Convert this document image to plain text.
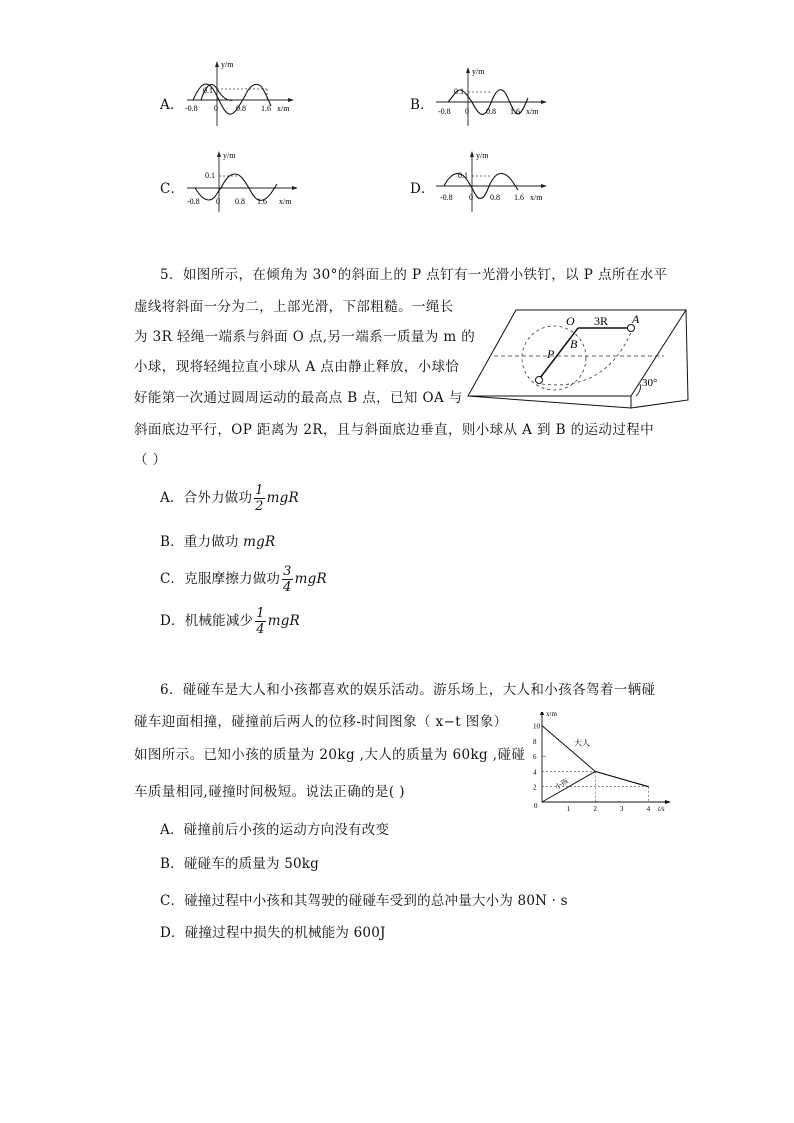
A．	B．
C．	D．
y/m
0.1
-0.8 0 0.8 1.6 x/m
y/m
0.1
-0.8 0 0.8 1.6 x/m
y/m
0.1
-0.8 0 0.8 1.6 x/m
y/m
0.1
-0.8 0 0.8 1.6 x/m
5．如图所示，在倾角为 30°的斜面上的 P 点钉有一光滑小铁钉，以 P 点所在水平
虚线将斜面一分为二，上部光滑，下部粗糙。一绳长
为 3R 轻绳一端系与斜面 O 点,另一端系一质量为 m 的
小球，现将轻绳拉直小球从 A 点由静止释放，小球恰
好能第一次通过圆周运动的最高点 B 点，已知 OA 与
斜面底边平行，OP 距离为 2R，且与斜面底边垂直，则小球从 A 到 B 的运动过程中
（ ）
O 3R A
B
P
30°
A．合外力做功 $\frac{1}{2}$ mgR
B．重力做功 mgR
C．克服摩擦力做功 $\frac{3}{4}$ mgR
D．机械能减少 $\frac{1}{4}$ mgR
6．碰碰车是大人和小孩都喜欢的娱乐活动。游乐场上，大人和小孩各驾着一辆碰
碰车迎面相撞，碰撞前后两人的位移-时间图象（ x−t 图象）
如图所示。已知小孩的质量为 20kg ,大人的质量为 60kg ,碰碰
车质量相同,碰撞时间极短。说法正确的是( )
x/m
t/s
0
2
4
6
8
10
1	2	3	4
大人
小孩
A．碰撞前后小孩的运动方向没有改变
B．碰碰车的质量为 50kg
C．碰撞过程中小孩和其驾驶的碰碰车受到的总冲量大小为 80N · s
D．碰撞过程中损失的机械能为 600J
